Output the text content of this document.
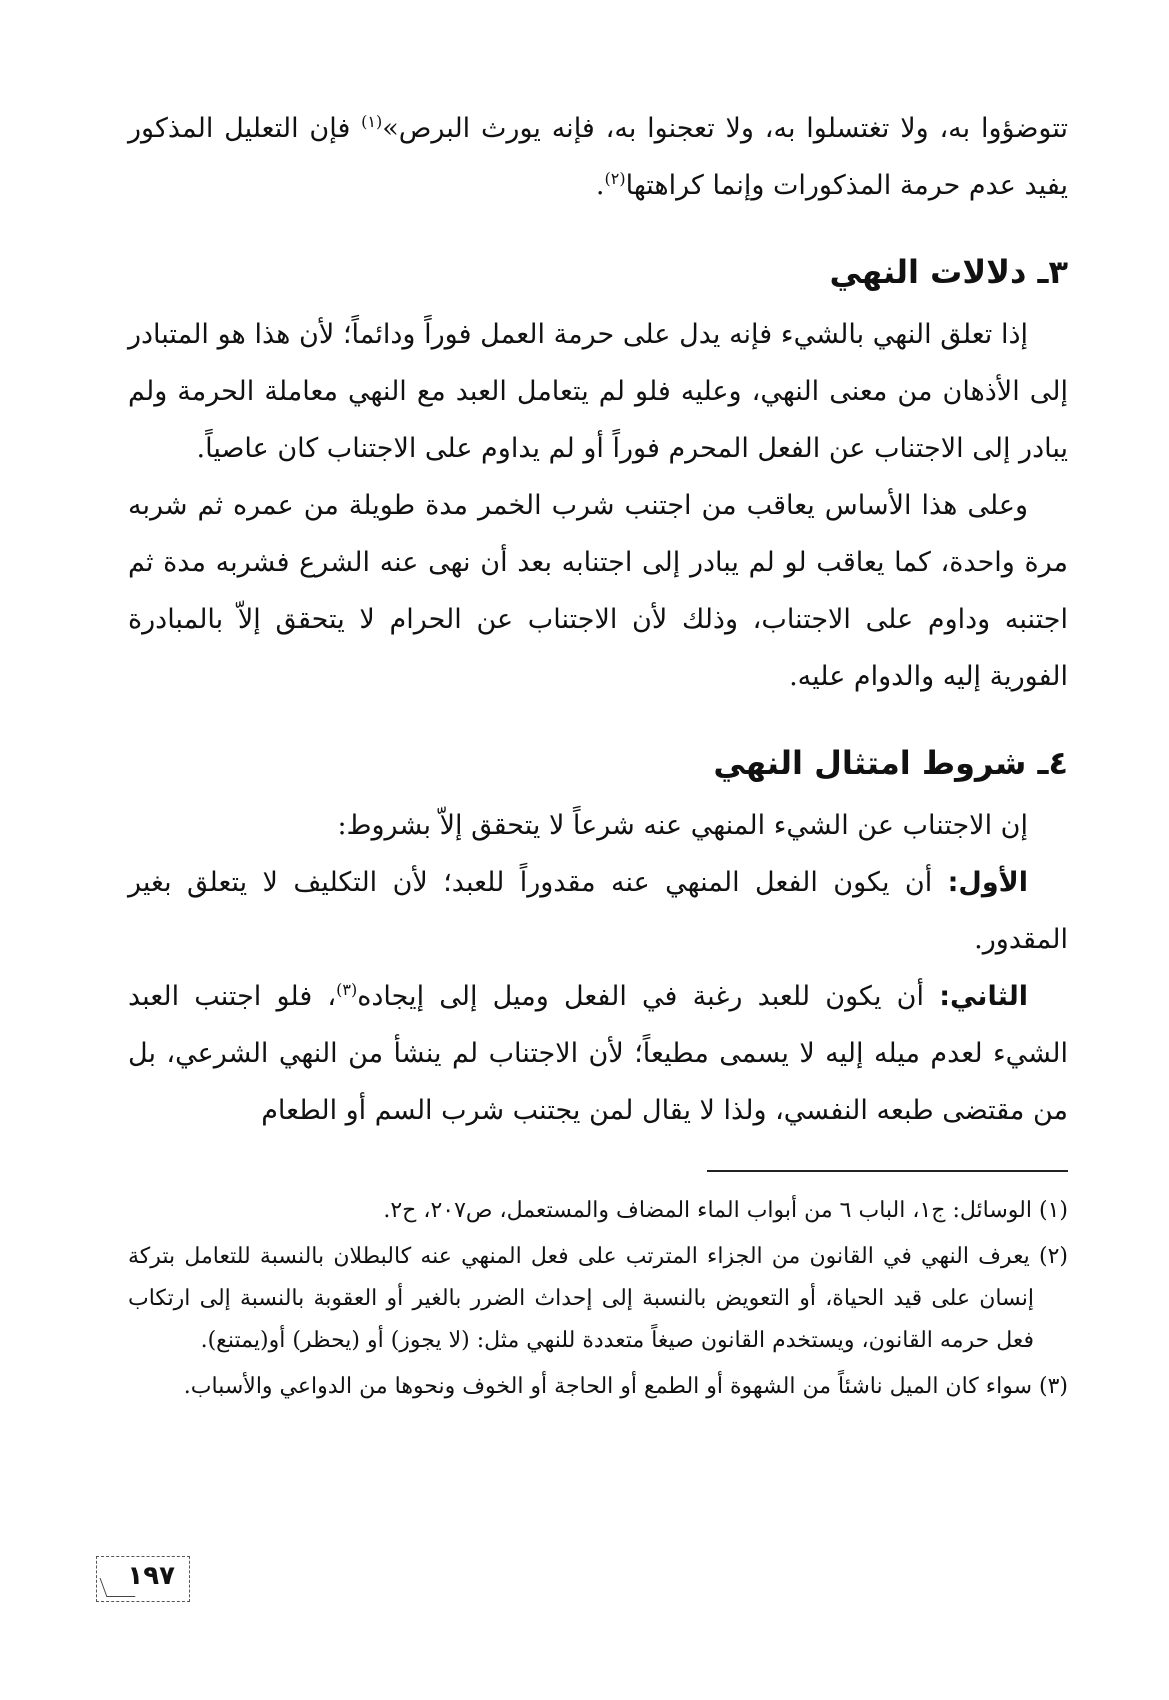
تتوضؤوا به، ولا تغتسلوا به، ولا تعجنوا به، فإنه يورث البرص»$^{(١)}$ فإن التعليل المذكور يفيد عدم حرمة المذكورات وإنما كراهتها$^{(٢)}$.

٣ـ دلالات النهي

إذا تعلق النهي بالشيء فإنه يدل على حرمة العمل فوراً ودائماً؛ لأن هذا هو المتبادر إلى الأذهان من معنى النهي، وعليه فلو لم يتعامل العبد مع النهي معاملة الحرمة ولم يبادر إلى الاجتناب عن الفعل المحرم فوراً أو لم يداوم على الاجتناب كان عاصياً.

وعلى هذا الأساس يعاقب من اجتنب شرب الخمر مدة طويلة من عمره ثم شربه مرة واحدة، كما يعاقب لو لم يبادر إلى اجتنابه بعد أن نهى عنه الشرع فشربه مدة ثم اجتنبه وداوم على الاجتناب، وذلك لأن الاجتناب عن الحرام لا يتحقق إلاّ بالمبادرة الفورية إليه والدوام عليه.

٤ـ شروط امتثال النهي

إن الاجتناب عن الشيء المنهي عنه شرعاً لا يتحقق إلاّ بشروط:

الأول: أن يكون الفعل المنهي عنه مقدوراً للعبد؛ لأن التكليف لا يتعلق بغير المقدور.

الثاني: أن يكون للعبد رغبة في الفعل وميل إلى إيجاده$^{(٣)}$، فلو اجتنب العبد الشيء لعدم ميله إليه لا يسمى مطيعاً؛ لأن الاجتناب لم ينشأ من النهي الشرعي، بل من مقتضى طبعه النفسي، ولذا لا يقال لمن يجتنب شرب السم أو الطعام

(١) الوسائل: ج١، الباب ٦ من أبواب الماء المضاف والمستعمل، ص٢٠٧، ح٢.

(٢) يعرف النهي في القانون من الجزاء المترتب على فعل المنهي عنه كالبطلان بالنسبة للتعامل بتركة إنسان على قيد الحياة، أو التعويض بالنسبة إلى إحداث الضرر بالغير أو العقوبة بالنسبة إلى ارتكاب فعل حرمه القانون، ويستخدم القانون صيغاً متعددة للنهي مثل: (لا يجوز) أو (يحظر) أو(يمتنع).

(٣) سواء كان الميل ناشئاً من الشهوة أو الطمع أو الحاجة أو الخوف ونحوها من الدواعي والأسباب.

١٩٧
